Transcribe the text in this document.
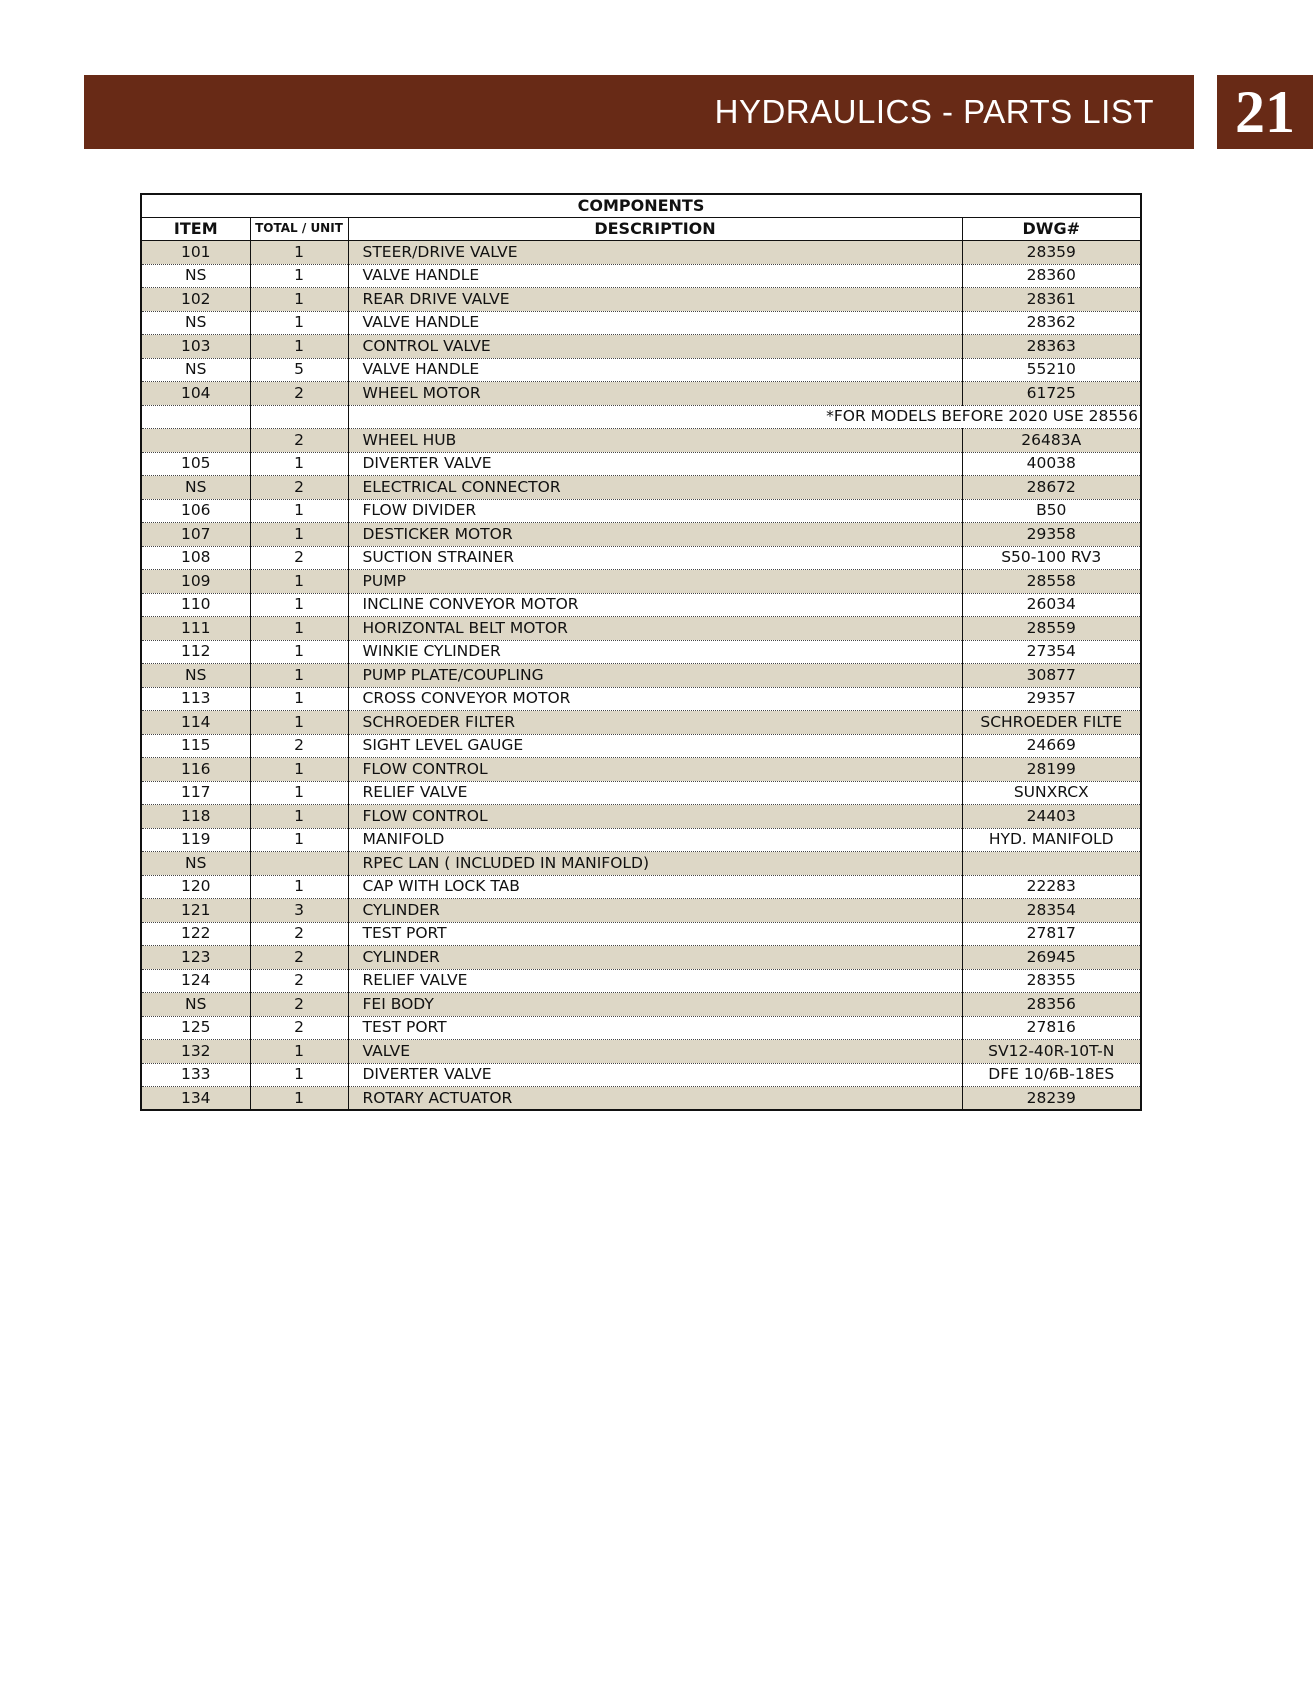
HYDRAULICS - PARTS LIST	21
COMPONENTS			
ITEM	TOTAL / UNIT	DESCRIPTION	DWG#
101	1	STEER/DRIVE VALVE	28359
NS	1	VALVE HANDLE	28360
102	1	REAR DRIVE VALVE	28361
NS	1	VALVE HANDLE	28362
103	1	CONTROL VALVE	28363
NS	5	VALVE HANDLE	55210
104	2	WHEEL MOTOR	61725
		*FOR MODELS BEFORE 2020 USE 28556	
	2	WHEEL HUB	26483A
105	1	DIVERTER VALVE	40038
NS	2	ELECTRICAL CONNECTOR	28672
106	1	FLOW DIVIDER	B50
107	1	DESTICKER MOTOR	29358
108	2	SUCTION STRAINER	S50-100 RV3
109	1	PUMP	28558
110	1	INCLINE CONVEYOR MOTOR	26034
111	1	HORIZONTAL BELT MOTOR	28559
112	1	WINKIE CYLINDER	27354
NS	1	PUMP PLATE/COUPLING	30877
113	1	CROSS CONVEYOR MOTOR	29357
114	1	SCHROEDER FILTER	SCHROEDER FILTE
115	2	SIGHT LEVEL GAUGE	24669
116	1	FLOW CONTROL	28199
117	1	RELIEF VALVE	SUNXRCX
118	1	FLOW CONTROL	24403
119	1	MANIFOLD	HYD. MANIFOLD
NS		RPEC LAN ( INCLUDED IN MANIFOLD)	
120	1	CAP WITH LOCK TAB	22283
121	3	CYLINDER	28354
122	2	TEST PORT	27817
123	2	CYLINDER	26945
124	2	RELIEF VALVE	28355
NS	2	FEI BODY	28356
125	2	TEST PORT	27816
132	1	VALVE	SV12-40R-10T-N
133	1	DIVERTER VALVE	DFE 10/6B-18ES
134	1	ROTARY ACTUATOR	28239
